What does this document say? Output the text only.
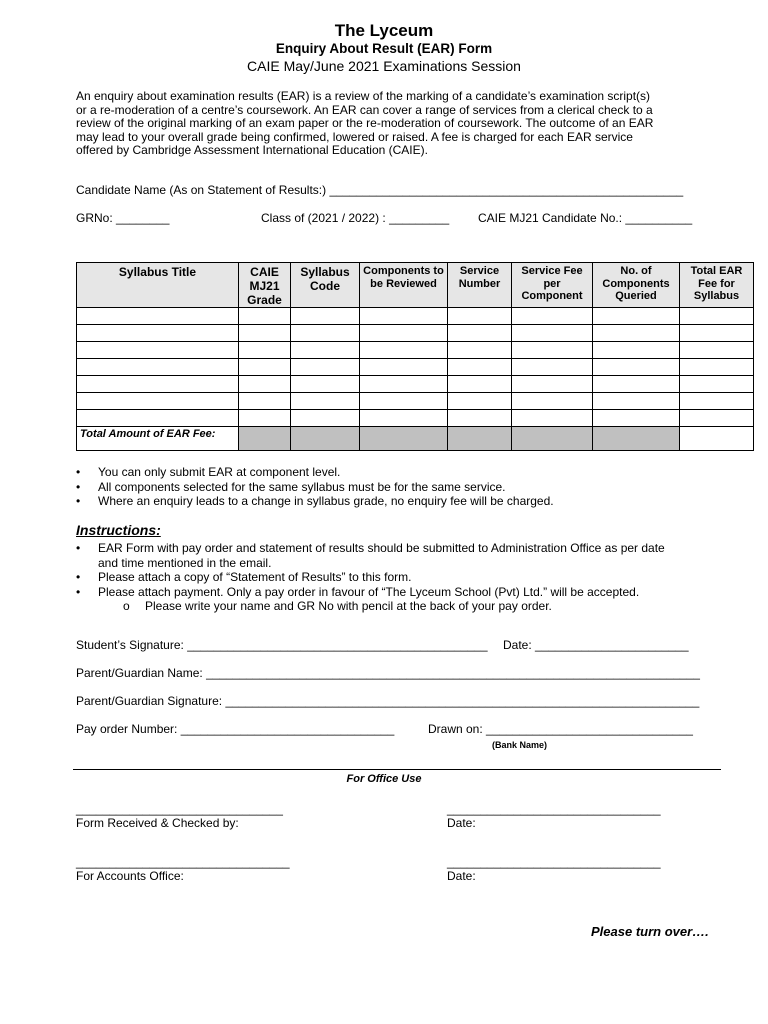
The Lyceum
Enquiry About Result (EAR) Form
CAIE May/June 2021 Examinations Session
An enquiry about examination results (EAR) is a review of the marking of a candidate’s examination script(s)
or a re-moderation of a centre’s coursework. An EAR can cover a range of services from a clerical check to a
review of the original marking of an exam paper or the re-moderation of coursework. The outcome of an EAR
may lead to your overall grade being confirmed, lowered or raised. A fee is charged for each EAR service
offered by Cambridge Assessment International Education (CAIE).
Candidate Name (As on Statement of Results:) _____________________________________________________
GRNo: ________	Class of (2021 / 2022) : _________ CAIE MJ21 Candidate No.: __________
Syllabus Title	CAIE MJ21 Grade	Syllabus Code	Components to be Reviewed	Service Number	Service Fee per Component	No. of Components Queried	Total EAR Fee for Syllabus

Total Amount of EAR Fee:							
• You can only submit EAR at component level.
• All components selected for the same syllabus must be for the same service.
• Where an enquiry leads to a change in syllabus grade, no enquiry fee will be charged.
Instructions:
• EAR Form with pay order and statement of results should be submitted to Administration Office as per date
and time mentioned in the email.
• Please attach a copy of “Statement of Results” to this form.
• Please attach payment. Only a pay order in favour of “The Lyceum School (Pvt) Ltd.” will be accepted.
o Please write your name and GR No with pencil at the back of your pay order.
Student’s Signature: _____________________________________________ Date: _______________________
Parent/Guardian Name: __________________________________________________________________________
Parent/Guardian Signature: _______________________________________________________________________
Pay order Number: ________________________________	Drawn on: _______________________________
(Bank Name)
For Office Use
_______________________________
Form Received & Checked by:
________________________________
Date:
________________________________
For Accounts Office:
________________________________
Date:
Please turn over….
